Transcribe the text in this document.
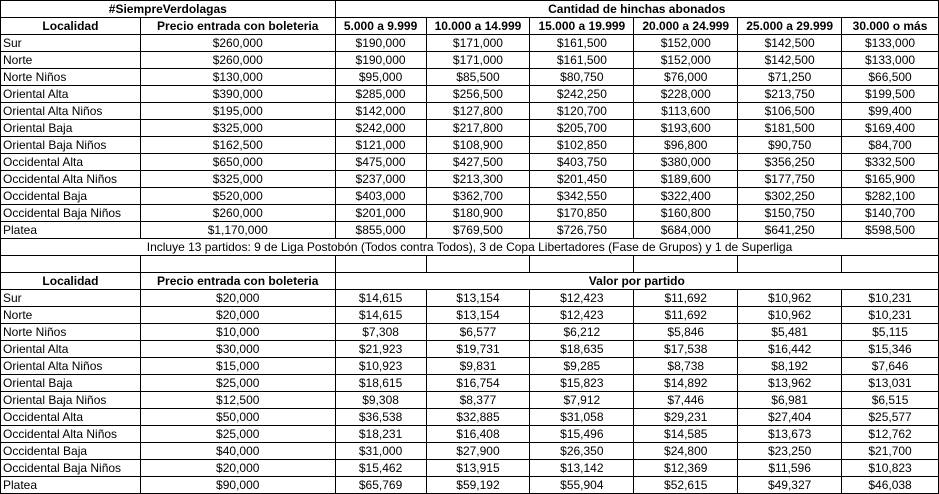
#SiempreVerdolagas		Cantidad de hinchas abonados					
Localidad	Precio entrada con boleteria	5.000 a 9.999	10.000 a 14.999	15.000 a 19.999	20.000 a 24.999	25.000 a 29.999	30.000 o más
Sur	$260,000	$190,000	$171,000	$161,500	$152,000	$142,500	$133,000
Norte	$260,000	$190,000	$171,000	$161,500	$152,000	$142,500	$133,000
Norte Niños	$130,000	$95,000	$85,500	$80,750	$76,000	$71,250	$66,500
Oriental Alta	$390,000	$285,000	$256,500	$242,250	$228,000	$213,750	$199,500
Oriental Alta Niños	$195,000	$142,000	$127,800	$120,700	$113,600	$106,500	$99,400
Oriental Baja	$325,000	$242,000	$217,800	$205,700	$193,600	$181,500	$169,400
Oriental Baja Niños	$162,500	$121,000	$108,900	$102,850	$96,800	$90,750	$84,700
Occidental Alta	$650,000	$475,000	$427,500	$403,750	$380,000	$356,250	$332,500
Occidental Alta Niños	$325,000	$237,000	$213,300	$201,450	$189,600	$177,750	$165,900
Occidental Baja	$520,000	$403,000	$362,700	$342,550	$322,400	$302,250	$282,100
Occidental Baja Niños	$260,000	$201,000	$180,900	$170,850	$160,800	$150,750	$140,700
Platea	$1,170,000	$855,000	$769,500	$726,750	$684,000	$641,250	$598,500
Incluye 13 partidos: 9 de Liga Postobón (Todos contra Todos), 3 de Copa Libertadores (Fase de Grupos) y 1 de Superliga							

Localidad	Precio entrada con boleteria	Valor por partido					
Sur	$20,000	$14,615	$13,154	$12,423	$11,692	$10,962	$10,231
Norte	$20,000	$14,615	$13,154	$12,423	$11,692	$10,962	$10,231
Norte Niños	$10,000	$7,308	$6,577	$6,212	$5,846	$5,481	$5,115
Oriental Alta	$30,000	$21,923	$19,731	$18,635	$17,538	$16,442	$15,346
Oriental Alta Niños	$15,000	$10,923	$9,831	$9,285	$8,738	$8,192	$7,646
Oriental Baja	$25,000	$18,615	$16,754	$15,823	$14,892	$13,962	$13,031
Oriental Baja Niños	$12,500	$9,308	$8,377	$7,912	$7,446	$6,981	$6,515
Occidental Alta	$50,000	$36,538	$32,885	$31,058	$29,231	$27,404	$25,577
Occidental Alta Niños	$25,000	$18,231	$16,408	$15,496	$14,585	$13,673	$12,762
Occidental Baja	$40,000	$31,000	$27,900	$26,350	$24,800	$23,250	$21,700
Occidental Baja Niños	$20,000	$15,462	$13,915	$13,142	$12,369	$11,596	$10,823
Platea	$90,000	$65,769	$59,192	$55,904	$52,615	$49,327	$46,038
